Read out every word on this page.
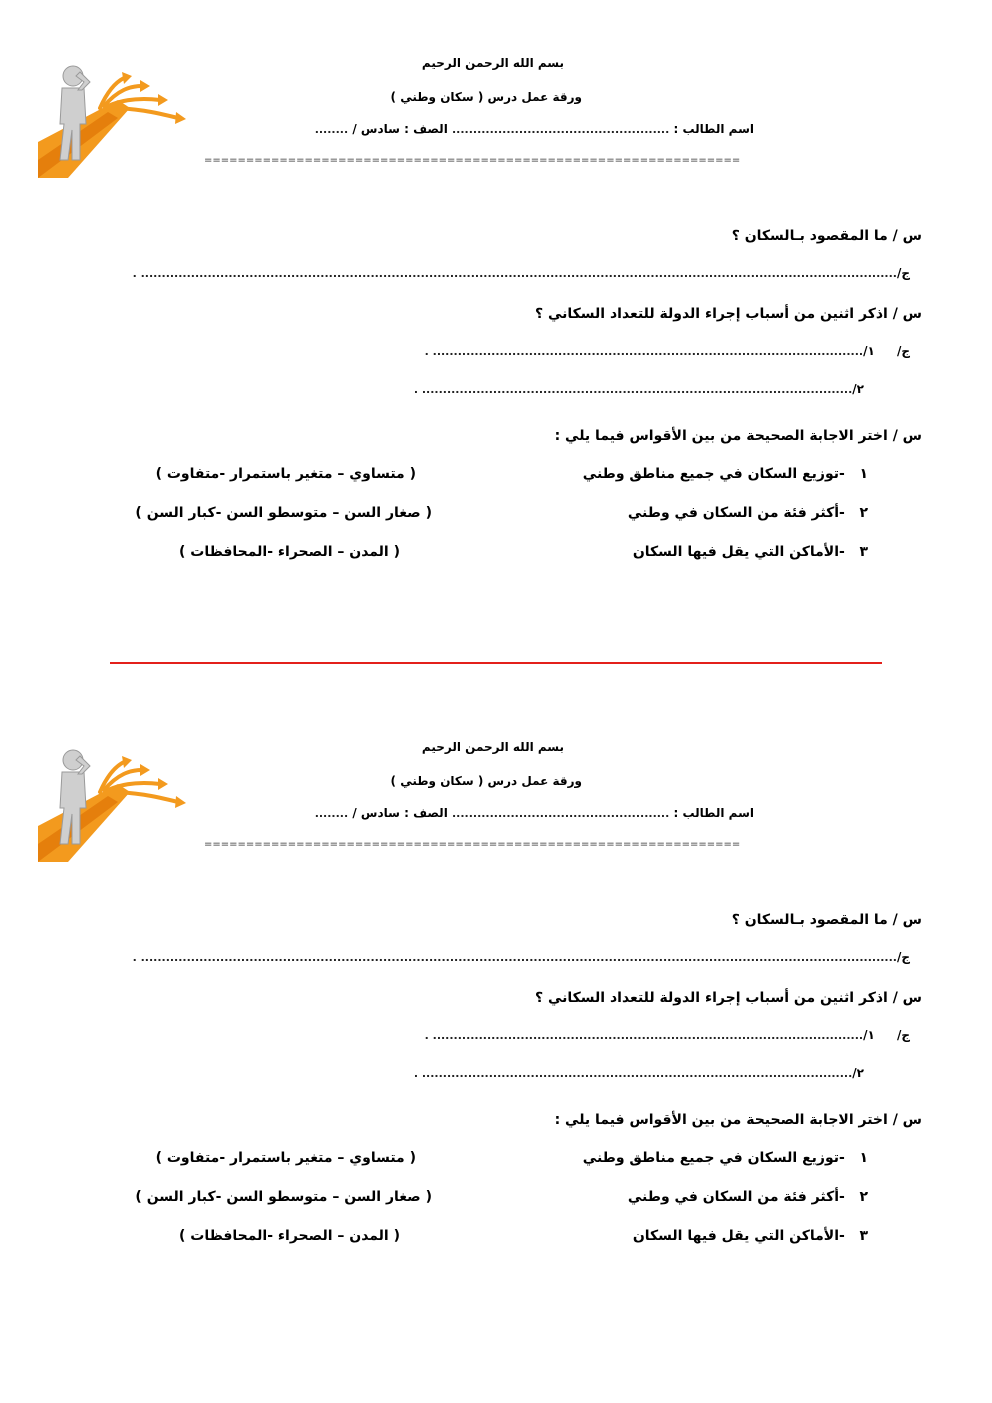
بسم الله الرحمن الرحيم
ورقة عمل درس ( سكان وطني )
اسم الطالب : .................................................... الصف : سادس / ........
================================================================
س / ما المقصود بـالسكان ؟
ج/..................................................................................................................................................................................... .
س / اذكر اثنين من أسباب إجراء الدولة للتعداد السكاني ؟
ج/ ١/....................................................................................................... .
٢/....................................................................................................... .
س / اختر الاجابة الصحيحة من بين الأقواس فيما يلي :
١   -توزيع السكان في جميع مناطق وطني
( متساوي – متغير باستمرار -متفاوت )
٢   -أكثر فئة من السكان في وطني
( صغار السن – متوسطو السن -كبار السن )
٣   -الأماكن التي يقل فيها السكان
( المدن – الصحراء -المحافظات )
بسم الله الرحمن الرحيم
ورقة عمل درس ( سكان وطني )
اسم الطالب : .................................................... الصف : سادس / ........
================================================================
س / ما المقصود بـالسكان ؟
ج/..................................................................................................................................................................................... .
س / اذكر اثنين من أسباب إجراء الدولة للتعداد السكاني ؟
ج/ ١/....................................................................................................... .
٢/....................................................................................................... .
س / اختر الاجابة الصحيحة من بين الأقواس فيما يلي :
١   -توزيع السكان في جميع مناطق وطني
( متساوي – متغير باستمرار -متفاوت )
٢   -أكثر فئة من السكان في وطني
( صغار السن – متوسطو السن -كبار السن )
٣   -الأماكن التي يقل فيها السكان
( المدن – الصحراء -المحافظات )
